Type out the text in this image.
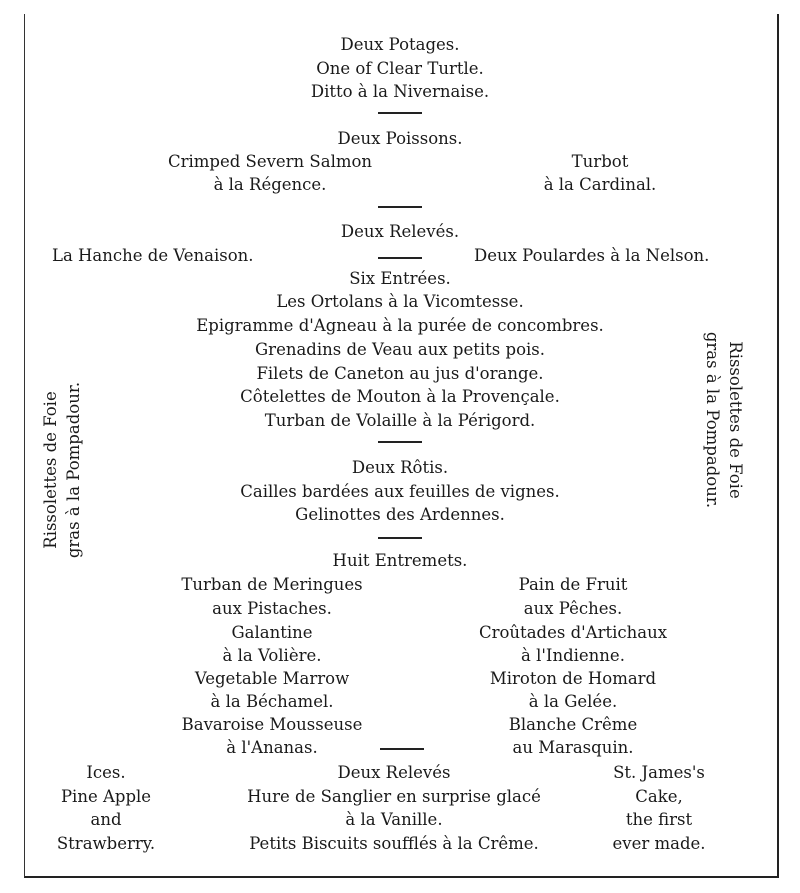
Deux Potages.
One of Clear Turtle.
Ditto à la Nivernaise.
Deux Poissons.
Crimped Severn Salmon
à la Régence.
Turbot
à la Cardinal.
Deux Relevés.
La Hanche de Venaison.	Deux Poulardes à la Nelson.
Six Entrées.
Les Ortolans à la Vicomtesse.
Epigramme d'Agneau à la purée de concombres.
Grenadins de Veau aux petits pois.
Filets de Caneton au jus d'orange.
Côtelettes de Mouton à la Provençale.
Turban de Volaille à la Périgord.
Rissolettes de Foie gras à la Pompadour.	Rissolettes de Foie
gras à la Pompadour.
Deux Rôtis.
Cailles bardées aux feuilles de vignes.
Gelinottes des Ardennes.
Huit Entremets.
Turban de Meringues
aux Pistaches.
Galantine
à la Volière.
Vegetable Marrow
à la Béchamel.
Bavaroise Mousseuse
à l'Ananas.
Pain de Fruit
aux Pêches.
Croûtades d'Artichaux
à l'Indienne.
Miroton de Homard
à la Gelée.
Blanche Crême
au Marasquin.
Ices.
Pine Apple
and
Strawberry.
Deux Relevés
Hure de Sanglier en surprise glacé
à la Vanille.
Petits Biscuits soufflés à la Crême.
St. James's
Cake,
the first
ever made.
